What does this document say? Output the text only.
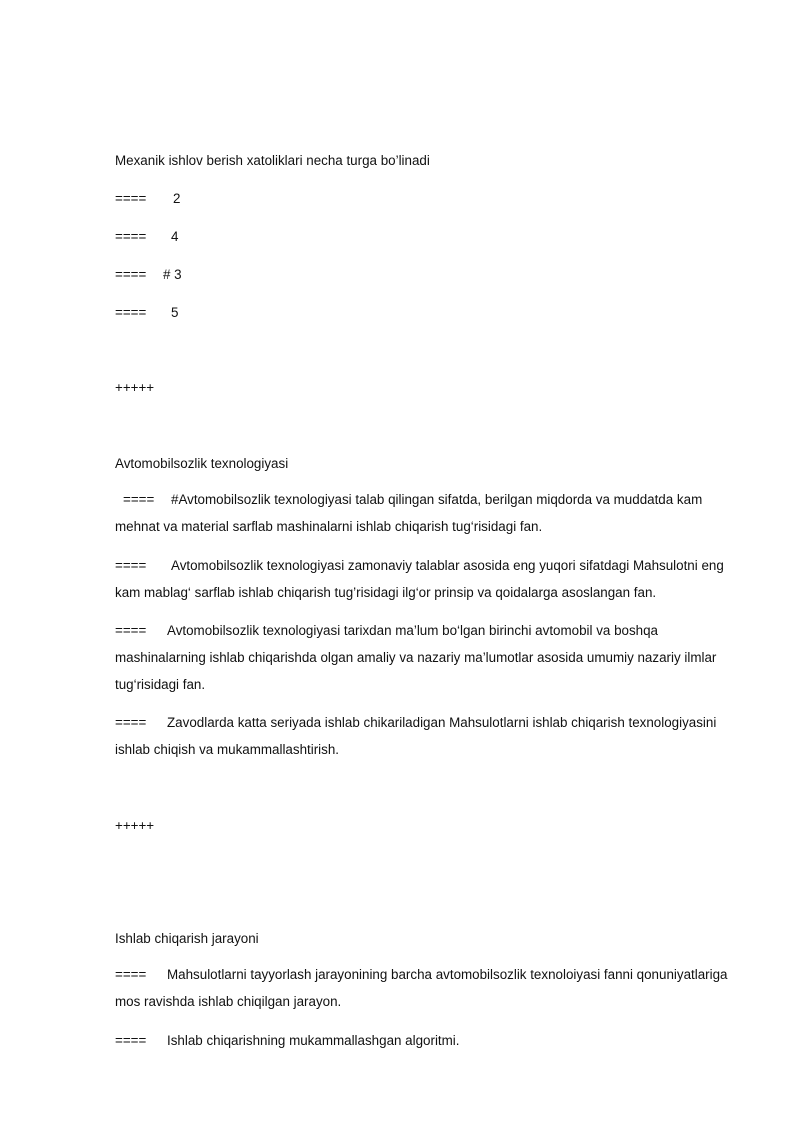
Mexanik ishlov berish xatoliklari necha turga bo’linadi
==== 2
==== 4
==== # 3
==== 5
+++++
Avtomobilsozlik texnologiyasi
==== #Avtomobilsozlik texnologiyasi talab qilingan sifatda, berilgan miqdorda va muddatda kam mehnat va material sarflab mashinalarni ishlab chiqarish tug‘risidagi fan.
==== Avtomobilsozlik texnologiyasi zamonaviy talablar asosida eng yuqori sifatdagi Mahsulotni eng kam mablag‘ sarflab ishlab chiqarish tug’risidagi ilg‘or prinsip va qoidalarga asoslangan fan.
==== Avtomobilsozlik texnologiyasi tarixdan ma’lum bo‘lgan birinchi avtomobil va boshqa mashinalarning ishlab chiqarishda olgan amaliy va nazariy ma’lumotlar asosida umumiy nazariy ilmlar tug‘risidagi fan.
==== Zavodlarda katta seriyada ishlab chikariladigan Mahsulotlarni ishlab chiqarish texnologiyasini ishlab chiqish va mukammallashtirish.
+++++
Ishlab chiqarish jarayoni
==== Mahsulotlarni tayyorlash jarayonining barcha avtomobilsozlik texnoloiyasi fanni qonuniyatlariga mos ravishda ishlab chiqilgan jarayon.
==== Ishlab chiqarishning mukammallashgan algoritmi.
